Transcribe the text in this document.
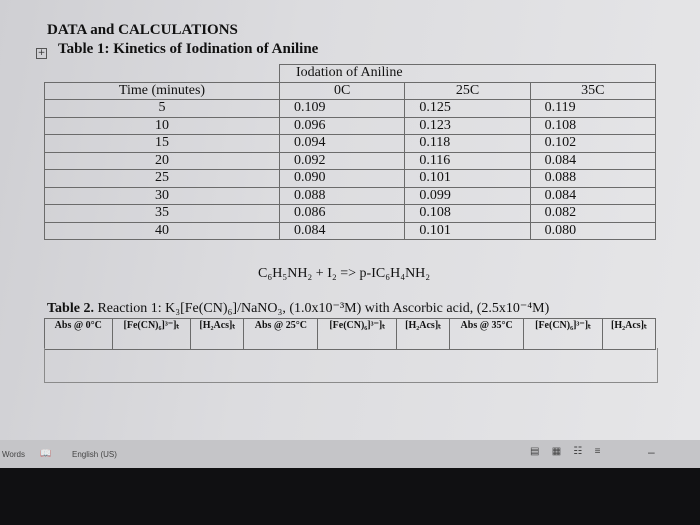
DATA and CALCULATIONS
+ Table 1: Kinetics of Iodination of Aniline
	Iodation of Aniline		
Time (minutes)	0C	25C	35C
5	0.109	0.125	0.119
10	0.096	0.123	0.108
15	0.094	0.118	0.102
20	0.092	0.116	0.084
25	0.090	0.101	0.088
30	0.088	0.099	0.084
35	0.086	0.108	0.082
40	0.084	0.101	0.080
C₆H₅NH₂ + I₂ => p-IC₆H₄NH₂
Table 2. Reaction 1: K₃[Fe(CN)₆]/NaNO₃, (1.0x10⁻³M) with Ascorbic acid, (2.5x10⁻⁴M)
Abs @ 0°C	[Fe(CN)₆]³⁻]ₜ	[H₂Acs]ₜ	Abs @ 25°C	[Fe(CN)₆]³⁻]ₜ	[H₂Acs]ₜ	Abs @ 35°C	[Fe(CN)₆]³⁻]ₜ	[H₂Acs]ₜ
Words 📖	English (US)	▤ ▦ ☷ ≡	–
